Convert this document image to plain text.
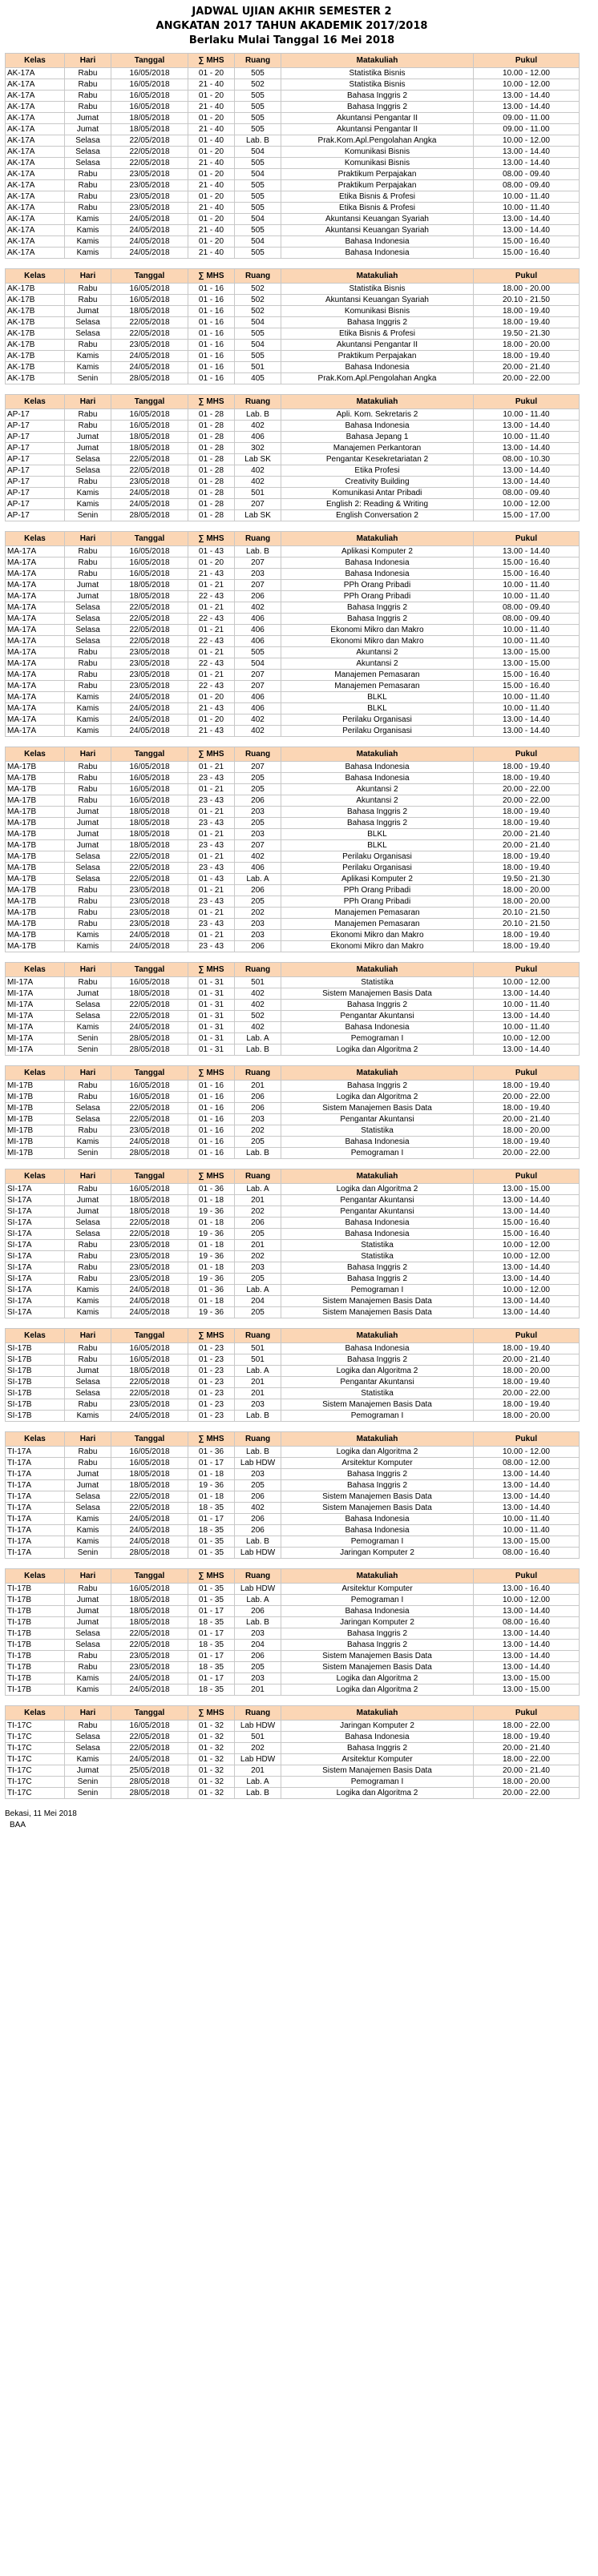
JADWAL UJIAN AKHIR SEMESTER 2
ANGKATAN 2017 TAHUN AKADEMIK 2017/2018
Berlaku Mulai Tanggal 16 Mei 2018
Kelas	Hari	Tanggal	∑ MHS	Ruang	Matakuliah	Pukul
AK-17A	Rabu	16/05/2018	01 - 20	505	Statistika Bisnis	10.00 - 12.00
AK-17A	Rabu	16/05/2018	21 - 40	502	Statistika Bisnis	10.00 - 12.00
AK-17A	Rabu	16/05/2018	01 - 20	505	Bahasa Inggris 2	13.00 - 14.40
AK-17A	Rabu	16/05/2018	21 - 40	505	Bahasa Inggris 2	13.00 - 14.40
AK-17A	Jumat	18/05/2018	01 - 20	505	Akuntansi Pengantar II	09.00 - 11.00
AK-17A	Jumat	18/05/2018	21 - 40	505	Akuntansi Pengantar II	09.00 - 11.00
AK-17A	Selasa	22/05/2018	01 - 40	Lab. B	Prak.Kom.Apl.Pengolahan Angka	10.00 - 12.00
AK-17A	Selasa	22/05/2018	01 - 20	504	Komunikasi Bisnis	13.00 - 14.40
AK-17A	Selasa	22/05/2018	21 - 40	505	Komunikasi Bisnis	13.00 - 14.40
AK-17A	Rabu	23/05/2018	01 - 20	504	Praktikum Perpajakan	08.00 - 09.40
AK-17A	Rabu	23/05/2018	21 - 40	505	Praktikum Perpajakan	08.00 - 09.40
AK-17A	Rabu	23/05/2018	01 - 20	505	Etika Bisnis & Profesi	10.00 - 11.40
AK-17A	Rabu	23/05/2018	21 - 40	505	Etika Bisnis & Profesi	10.00 - 11.40
AK-17A	Kamis	24/05/2018	01 - 20	504	Akuntansi Keuangan Syariah	13.00 - 14.40
AK-17A	Kamis	24/05/2018	21 - 40	505	Akuntansi Keuangan Syariah	13.00 - 14.40
AK-17A	Kamis	24/05/2018	01 - 20	504	Bahasa Indonesia	15.00 - 16.40
AK-17A	Kamis	24/05/2018	21 - 40	505	Bahasa Indonesia	15.00 - 16.40
Kelas	Hari	Tanggal	∑ MHS	Ruang	Matakuliah	Pukul
AK-17B	Rabu	16/05/2018	01 - 16	502	Statistika Bisnis	18.00 - 20.00
AK-17B	Rabu	16/05/2018	01 - 16	502	Akuntansi Keuangan Syariah	20.10 - 21.50
AK-17B	Jumat	18/05/2018	01 - 16	502	Komunikasi Bisnis	18.00 - 19.40
AK-17B	Selasa	22/05/2018	01 - 16	504	Bahasa Inggris 2	18.00 - 19.40
AK-17B	Selasa	22/05/2018	01 - 16	505	Etika Bisnis & Profesi	19.50 - 21.30
AK-17B	Rabu	23/05/2018	01 - 16	504	Akuntansi Pengantar II	18.00 - 20.00
AK-17B	Kamis	24/05/2018	01 - 16	505	Praktikum Perpajakan	18.00 - 19.40
AK-17B	Kamis	24/05/2018	01 - 16	501	Bahasa Indonesia	20.00 - 21.40
AK-17B	Senin	28/05/2018	01 - 16	405	Prak.Kom.Apl.Pengolahan Angka	20.00 - 22.00
Kelas	Hari	Tanggal	∑ MHS	Ruang	Matakuliah	Pukul
AP-17	Rabu	16/05/2018	01 - 28	Lab. B	Apli. Kom. Sekretaris 2	10.00 - 11.40
AP-17	Rabu	16/05/2018	01 - 28	402	Bahasa Indonesia	13.00 - 14.40
AP-17	Jumat	18/05/2018	01 - 28	406	Bahasa Jepang 1	10.00 - 11.40
AP-17	Jumat	18/05/2018	01 - 28	302	Manajemen Perkantoran	13.00 - 14.40
AP-17	Selasa	22/05/2018	01 - 28	Lab SK	Pengantar Kesekretariatan 2	08.00 - 10.30
AP-17	Selasa	22/05/2018	01 - 28	402	Etika Profesi	13.00 - 14.40
AP-17	Rabu	23/05/2018	01 - 28	402	Creativity Building	13.00 - 14.40
AP-17	Kamis	24/05/2018	01 - 28	501	Komunikasi Antar Pribadi	08.00 - 09.40
AP-17	Kamis	24/05/2018	01 - 28	207	English 2: Reading & Writing	10.00 - 12.00
AP-17	Senin	28/05/2018	01 - 28	Lab SK	English Conversation 2	15.00 - 17.00
Kelas	Hari	Tanggal	∑ MHS	Ruang	Matakuliah	Pukul
MA-17A	Rabu	16/05/2018	01 - 43	Lab. B	Aplikasi Komputer 2	13.00 - 14.40
MA-17A	Rabu	16/05/2018	01 - 20	207	Bahasa Indonesia	15.00 - 16.40
MA-17A	Rabu	16/05/2018	21 - 43	203	Bahasa Indonesia	15.00 - 16.40
MA-17A	Jumat	18/05/2018	01 - 21	207	PPh Orang Pribadi	10.00 - 11.40
MA-17A	Jumat	18/05/2018	22 - 43	206	PPh Orang Pribadi	10.00 - 11.40
MA-17A	Selasa	22/05/2018	01 - 21	402	Bahasa Inggris 2	08.00 - 09.40
MA-17A	Selasa	22/05/2018	22 - 43	406	Bahasa Inggris 2	08.00 - 09.40
MA-17A	Selasa	22/05/2018	01 - 21	406	Ekonomi Mikro dan Makro	10.00 - 11.40
MA-17A	Selasa	22/05/2018	22 - 43	406	Ekonomi Mikro dan Makro	10.00 - 11.40
MA-17A	Rabu	23/05/2018	01 - 21	505	Akuntansi 2	13.00 - 15.00
MA-17A	Rabu	23/05/2018	22 - 43	504	Akuntansi 2	13.00 - 15.00
MA-17A	Rabu	23/05/2018	01 - 21	207	Manajemen Pemasaran	15.00 - 16.40
MA-17A	Rabu	23/05/2018	22 - 43	207	Manajemen Pemasaran	15.00 - 16.40
MA-17A	Kamis	24/05/2018	01 - 20	406	BLKL	10.00 - 11.40
MA-17A	Kamis	24/05/2018	21 - 43	406	BLKL	10.00 - 11.40
MA-17A	Kamis	24/05/2018	01 - 20	402	Perilaku Organisasi	13.00 - 14.40
MA-17A	Kamis	24/05/2018	21 - 43	402	Perilaku Organisasi	13.00 - 14.40
Kelas	Hari	Tanggal	∑ MHS	Ruang	Matakuliah	Pukul
MA-17B	Rabu	16/05/2018	01 - 21	207	Bahasa Indonesia	18.00 - 19.40
MA-17B	Rabu	16/05/2018	23 - 43	205	Bahasa Indonesia	18.00 - 19.40
MA-17B	Rabu	16/05/2018	01 - 21	205	Akuntansi 2	20.00 - 22.00
MA-17B	Rabu	16/05/2018	23 - 43	206	Akuntansi 2	20.00 - 22.00
MA-17B	Jumat	18/05/2018	01 - 21	203	Bahasa Inggris 2	18.00 - 19.40
MA-17B	Jumat	18/05/2018	23 - 43	205	Bahasa Inggris 2	18.00 - 19.40
MA-17B	Jumat	18/05/2018	01 - 21	203	BLKL	20.00 - 21.40
MA-17B	Jumat	18/05/2018	23 - 43	207	BLKL	20.00 - 21.40
MA-17B	Selasa	22/05/2018	01 - 21	402	Perilaku Organisasi	18.00 - 19.40
MA-17B	Selasa	22/05/2018	23 - 43	406	Perilaku Organisasi	18.00 - 19.40
MA-17B	Selasa	22/05/2018	01 - 43	Lab. A	Aplikasi Komputer 2	19.50 - 21.30
MA-17B	Rabu	23/05/2018	01 - 21	206	PPh Orang Pribadi	18.00 - 20.00
MA-17B	Rabu	23/05/2018	23 - 43	205	PPh Orang Pribadi	18.00 - 20.00
MA-17B	Rabu	23/05/2018	01 - 21	202	Manajemen Pemasaran	20.10 - 21.50
MA-17B	Rabu	23/05/2018	23 - 43	203	Manajemen Pemasaran	20.10 - 21.50
MA-17B	Kamis	24/05/2018	01 - 21	203	Ekonomi Mikro dan Makro	18.00 - 19.40
MA-17B	Kamis	24/05/2018	23 - 43	206	Ekonomi Mikro dan Makro	18.00 - 19.40
Kelas	Hari	Tanggal	∑ MHS	Ruang	Matakuliah	Pukul
MI-17A	Rabu	16/05/2018	01 - 31	501	Statistika	10.00 - 12.00
MI-17A	Jumat	18/05/2018	01 - 31	402	Sistem Manajemen Basis Data	13.00 - 14.40
MI-17A	Selasa	22/05/2018	01 - 31	402	Bahasa Inggris 2	10.00 - 11.40
MI-17A	Selasa	22/05/2018	01 - 31	502	Pengantar Akuntansi	13.00 - 14.40
MI-17A	Kamis	24/05/2018	01 - 31	402	Bahasa Indonesia	10.00 - 11.40
MI-17A	Senin	28/05/2018	01 - 31	Lab. A	Pemograman I	10.00 - 12.00
MI-17A	Senin	28/05/2018	01 - 31	Lab. B	Logika dan Algoritma 2	13.00 - 14.40
Kelas	Hari	Tanggal	∑ MHS	Ruang	Matakuliah	Pukul
MI-17B	Rabu	16/05/2018	01 - 16	201	Bahasa Inggris 2	18.00 - 19.40
MI-17B	Rabu	16/05/2018	01 - 16	206	Logika dan Algoritma 2	20.00 - 22.00
MI-17B	Selasa	22/05/2018	01 - 16	206	Sistem Manajemen Basis Data	18.00 - 19.40
MI-17B	Selasa	22/05/2018	01 - 16	203	Pengantar Akuntansi	20.00 - 21.40
MI-17B	Rabu	23/05/2018	01 - 16	202	Statistika	18.00 - 20.00
MI-17B	Kamis	24/05/2018	01 - 16	205	Bahasa Indonesia	18.00 - 19.40
MI-17B	Senin	28/05/2018	01 - 16	Lab. B	Pemograman I	20.00 - 22.00
Kelas	Hari	Tanggal	∑ MHS	Ruang	Matakuliah	Pukul
SI-17A	Rabu	16/05/2018	01 - 36	Lab. A	Logika dan Algoritma 2	13.00 - 15.00
SI-17A	Jumat	18/05/2018	01 - 18	201	Pengantar Akuntansi	13.00 - 14.40
SI-17A	Jumat	18/05/2018	19 - 36	202	Pengantar Akuntansi	13.00 - 14.40
SI-17A	Selasa	22/05/2018	01 - 18	206	Bahasa Indonesia	15.00 - 16.40
SI-17A	Selasa	22/05/2018	19 - 36	205	Bahasa Indonesia	15.00 - 16.40
SI-17A	Rabu	23/05/2018	01 - 18	201	Statistika	10.00 - 12.00
SI-17A	Rabu	23/05/2018	19 - 36	202	Statistika	10.00 - 12.00
SI-17A	Rabu	23/05/2018	01 - 18	203	Bahasa Inggris 2	13.00 - 14.40
SI-17A	Rabu	23/05/2018	19 - 36	205	Bahasa Inggris 2	13.00 - 14.40
SI-17A	Kamis	24/05/2018	01 - 36	Lab. A	Pemograman I	10.00 - 12.00
SI-17A	Kamis	24/05/2018	01 - 18	204	Sistem Manajemen Basis Data	13.00 - 14.40
SI-17A	Kamis	24/05/2018	19 - 36	205	Sistem Manajemen Basis Data	13.00 - 14.40
Kelas	Hari	Tanggal	∑ MHS	Ruang	Matakuliah	Pukul
SI-17B	Rabu	16/05/2018	01 - 23	501	Bahasa Indonesia	18.00 - 19.40
SI-17B	Rabu	16/05/2018	01 - 23	501	Bahasa Inggris 2	20.00 - 21.40
SI-17B	Jumat	18/05/2018	01 - 23	Lab. A	Logika dan Algoritma 2	18.00 - 20.00
SI-17B	Selasa	22/05/2018	01 - 23	201	Pengantar Akuntansi	18.00 - 19.40
SI-17B	Selasa	22/05/2018	01 - 23	201	Statistika	20.00 - 22.00
SI-17B	Rabu	23/05/2018	01 - 23	203	Sistem Manajemen Basis Data	18.00 - 19.40
SI-17B	Kamis	24/05/2018	01 - 23	Lab. B	Pemograman I	18.00 - 20.00
Kelas	Hari	Tanggal	∑ MHS	Ruang	Matakuliah	Pukul
TI-17A	Rabu	16/05/2018	01 - 36	Lab. B	Logika dan Algoritma 2	10.00 - 12.00
TI-17A	Rabu	16/05/2018	01 - 17	Lab HDW	Arsitektur Komputer	08.00 - 12.00
TI-17A	Jumat	18/05/2018	01 - 18	203	Bahasa Inggris 2	13.00 - 14.40
TI-17A	Jumat	18/05/2018	19 - 36	205	Bahasa Inggris 2	13.00 - 14.40
TI-17A	Selasa	22/05/2018	01 - 18	206	Sistem Manajemen Basis Data	13.00 - 14.40
TI-17A	Selasa	22/05/2018	18 - 35	402	Sistem Manajemen Basis Data	13.00 - 14.40
TI-17A	Kamis	24/05/2018	01 - 17	206	Bahasa Indonesia	10.00 - 11.40
TI-17A	Kamis	24/05/2018	18 - 35	206	Bahasa Indonesia	10.00 - 11.40
TI-17A	Kamis	24/05/2018	01 - 35	Lab. B	Pemograman I	13.00 - 15.00
TI-17A	Senin	28/05/2018	01 - 35	Lab HDW	Jaringan Komputer 2	08.00 - 16.40
Kelas	Hari	Tanggal	∑ MHS	Ruang	Matakuliah	Pukul
TI-17B	Rabu	16/05/2018	01 - 35	Lab HDW	Arsitektur Komputer	13.00 - 16.40
TI-17B	Jumat	18/05/2018	01 - 35	Lab. A	Pemograman I	10.00 - 12.00
TI-17B	Jumat	18/05/2018	01 - 17	206	Bahasa Indonesia	13.00 - 14.40
TI-17B	Jumat	18/05/2018	18 - 35	Lab. B	Jaringan Komputer 2	08.00 - 16.40
TI-17B	Selasa	22/05/2018	01 - 17	203	Bahasa Inggris 2	13.00 - 14.40
TI-17B	Selasa	22/05/2018	18 - 35	204	Bahasa Inggris 2	13.00 - 14.40
TI-17B	Rabu	23/05/2018	01 - 17	206	Sistem Manajemen Basis Data	13.00 - 14.40
TI-17B	Rabu	23/05/2018	18 - 35	205	Sistem Manajemen Basis Data	13.00 - 14.40
TI-17B	Kamis	24/05/2018	01 - 17	203	Logika dan Algoritma 2	13.00 - 15.00
TI-17B	Kamis	24/05/2018	18 - 35	201	Logika dan Algoritma 2	13.00 - 15.00
Kelas	Hari	Tanggal	∑ MHS	Ruang	Matakuliah	Pukul
TI-17C	Rabu	16/05/2018	01 - 32	Lab HDW	Jaringan Komputer 2	18.00 - 22.00
TI-17C	Selasa	22/05/2018	01 - 32	501	Bahasa Indonesia	18.00 - 19.40
TI-17C	Selasa	22/05/2018	01 - 32	202	Bahasa Inggris 2	20.00 - 21.40
TI-17C	Kamis	24/05/2018	01 - 32	Lab HDW	Arsitektur Komputer	18.00 - 22.00
TI-17C	Jumat	25/05/2018	01 - 32	201	Sistem Manajemen Basis Data	20.00 - 21.40
TI-17C	Senin	28/05/2018	01 - 32	Lab. A	Pemograman I	18.00 - 20.00
TI-17C	Senin	28/05/2018	01 - 32	Lab. B	Logika dan Algoritma 2	20.00 - 22.00
Bekasi, 11 Mei 2018
BAA
